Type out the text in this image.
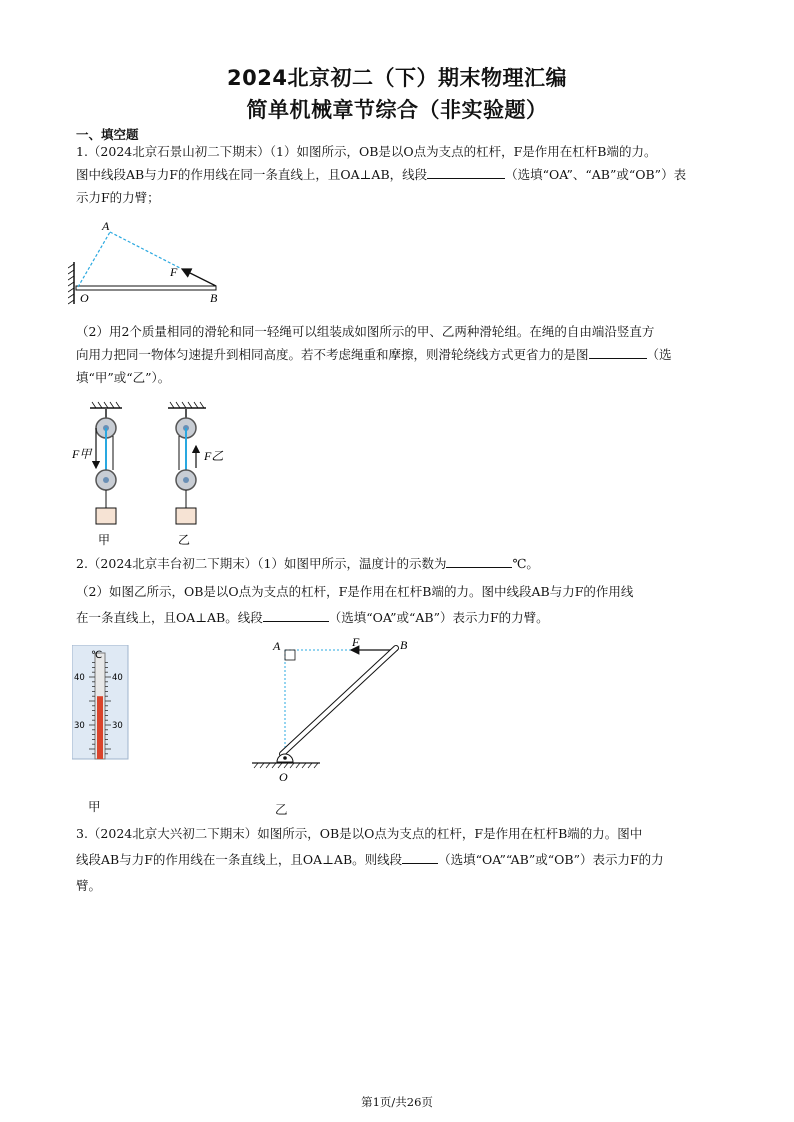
2024北京初二（下）期末物理汇编
简单机械章节综合（非实验题）
一、填空题
1.（2024北京石景山初二下期末）（1）如图所示，OB是以O点为支点的杠杆，F是作用在杠杆B端的力。
图中线段AB与力F的作用线在同一条直线上，且OA⊥AB，线段	（选填“OA”、“AB”或“OB”）表
示力F的力臂；
A
F
O	B
（2）用2个质量相同的滑轮和同一轻绳可以组装成如图所示的甲、乙两种滑轮组。在绳的自由端沿竖直方
向用力把同一物体匀速提升到相同高度。若不考虑绳重和摩擦，则滑轮绕线方式更省力的是图	（选
填“甲”或“乙”）。
F甲
甲
F乙
乙
2.（2024北京丰台初二下期末）（1）如图甲所示，温度计的示数为	℃。
（2）如图乙所示，OB是以O点为支点的杠杆，F是作用在杠杆B端的力。图中线段AB与力F的作用线
在一条直线上，且OA⊥AB。线段	（选填“OA”或“AB”）表示力F的力臂。
℃
40	40
30	30
甲
A	F	B
O
乙
3.（2024北京大兴初二下期末）如图所示，OB是以O点为支点的杠杆，F是作用在杠杆B端的力。图中
线段AB与力F的作用线在一条直线上，且OA⊥AB。则线段	（选填“OA”“AB”或“OB”）表示力F的力
臂。
第1页/共26页
